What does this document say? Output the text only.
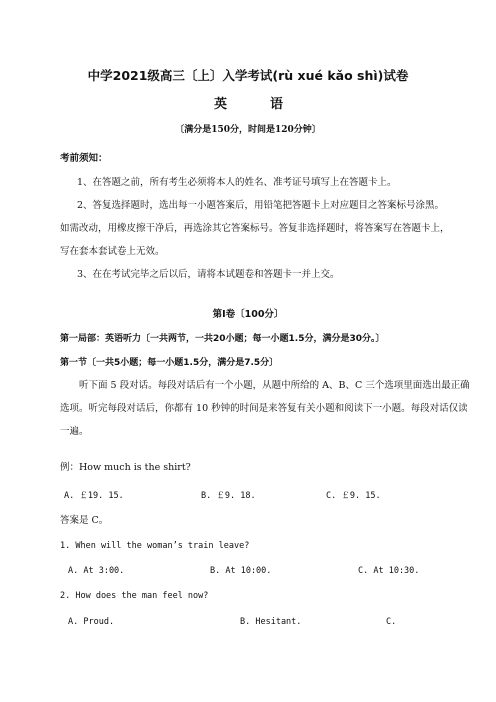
中学2021级高三〔上〕入学考试(rù xué kǎo shì)试卷
英	语
〔满分是150分，时间是120分钟〕
考前须知：
1、在答题之前，所有考生必须将本人的姓名、准考证号填写上在答题卡上。
2、答复选择题时，选出每一小题答案后，用铅笔把答题卡上对应题目之答案标号涂黑。
如需改动，用橡皮擦干净后，再选涂其它答案标号。答复非选择题时，将答案写在答题卡上，
写在套本套试卷上无效。
3、在在考试完毕之后以后，请将本试题卷和答题卡一并上交。
第Ⅰ卷〔100分〕
第一局部：英语听力〔一共两节，一共20小题；每一小题1.5分，满分是30分。〕
第一节〔一共5小题；每一小题1.5分，满分是7.5分〕
听下面 5 段对话。每段对话后有一个小题，从题中所给的 A、B、C 三个选项里面选出最正确
选项。听完每段对话后，你都有 10 秒钟的时间是来答复有关小题和阅读下一小题。每段对话仅读
一遍。
例：How much is the shirt?
A. ￡19. 15.	B. ￡9. 18.	C. ￡9. 15.
答案是 C。
1. When will the woman’s train leave?
A. At 3:00.	B. At 10:00.	C. At 10:30.
2. How does the man feel now?
A. Proud.	B. Hesitant.	C.
